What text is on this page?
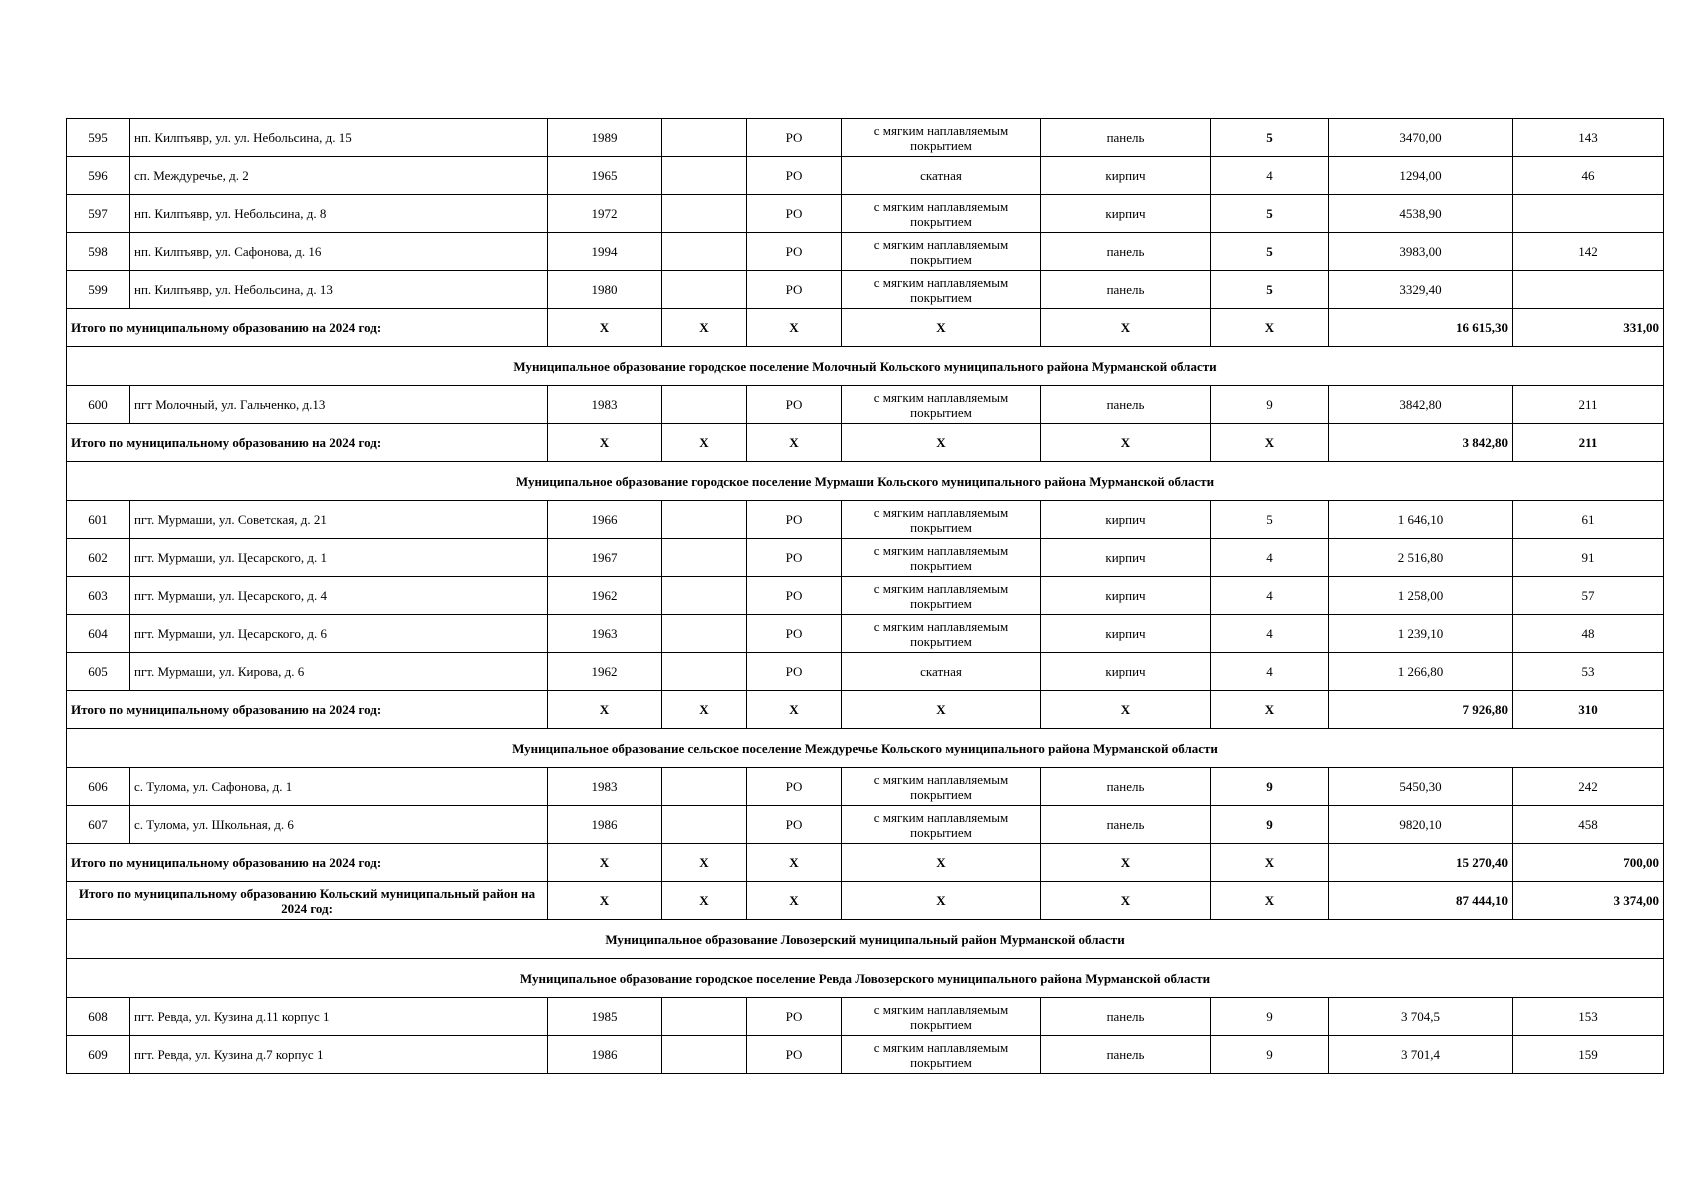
595	нп. Килпъявр, ул. ул. Небольсина, д. 15	1989		РО	с мягким наплавляемым покрытием	панель	5	3470,00	143
596	сп. Междуречье, д. 2	1965		РО	скатная	кирпич	4	1294,00	46
597	нп. Килпъявр, ул. Небольсина, д. 8	1972		РО	с мягким наплавляемым покрытием	кирпич	5	4538,90	
598	нп. Килпъявр, ул. Сафонова, д. 16	1994		РО	с мягким наплавляемым покрытием	панель	5	3983,00	142
599	нп. Килпъявр, ул. Небольсина, д. 13	1980		РО	с мягким наплавляемым покрытием	панель	5	3329,40	
Итого по муниципальному образованию на 2024 год:		Х	Х	Х	Х	Х	Х	16 615,30	331,00
Муниципальное образование городское поселение Молочный Кольского муниципального района Мурманской области									
600	пгт Молочный, ул. Гальченко, д.13	1983		РО	с мягким наплавляемым покрытием	панель	9	3842,80	211
Итого по муниципальному образованию на 2024 год:		Х	Х	Х	Х	Х	Х	3 842,80	211
Муниципальное образование городское поселение Мурмаши Кольского муниципального района Мурманской области									
601	пгт. Мурмаши, ул. Советская, д. 21	1966		РО	с мягким наплавляемым покрытием	кирпич	5	1 646,10	61
602	пгт. Мурмаши, ул. Цесарского, д. 1	1967		РО	с мягким наплавляемым покрытием	кирпич	4	2 516,80	91
603	пгт. Мурмаши, ул. Цесарского, д. 4	1962		РО	с мягким наплавляемым покрытием	кирпич	4	1 258,00	57
604	пгт. Мурмаши, ул. Цесарского, д. 6	1963		РО	с мягким наплавляемым покрытием	кирпич	4	1 239,10	48
605	пгт. Мурмаши, ул. Кирова, д. 6	1962		РО	скатная	кирпич	4	1 266,80	53
Итого по муниципальному образованию на 2024 год:		Х	Х	Х	Х	Х	Х	7 926,80	310
Муниципальное образование сельское поселение Междуречье Кольского муниципального района Мурманской области									
606	с. Тулома, ул. Сафонова, д. 1	1983		РО	с мягким наплавляемым покрытием	панель	9	5450,30	242
607	с. Тулома, ул. Школьная, д. 6	1986		РО	с мягким наплавляемым покрытием	панель	9	9820,10	458
Итого по муниципальному образованию на 2024 год:		Х	Х	Х	Х	Х	Х	15 270,40	700,00
Итого по муниципальному образованию Кольский муниципальный район на 2024 год:		Х	Х	Х	Х	Х	Х	87 444,10	3 374,00
Муниципальное образование Ловозерский муниципальный район Мурманской области									
Муниципальное образование городское поселение Ревда Ловозерского муниципального района Мурманской области									
608	пгт. Ревда, ул. Кузина д.11 корпус 1	1985		РО	с мягким наплавляемым покрытием	панель	9	3 704,5	153
609	пгт. Ревда, ул. Кузина д.7 корпус 1	1986		РО	с мягким наплавляемым покрытием	панель	9	3 701,4	159
